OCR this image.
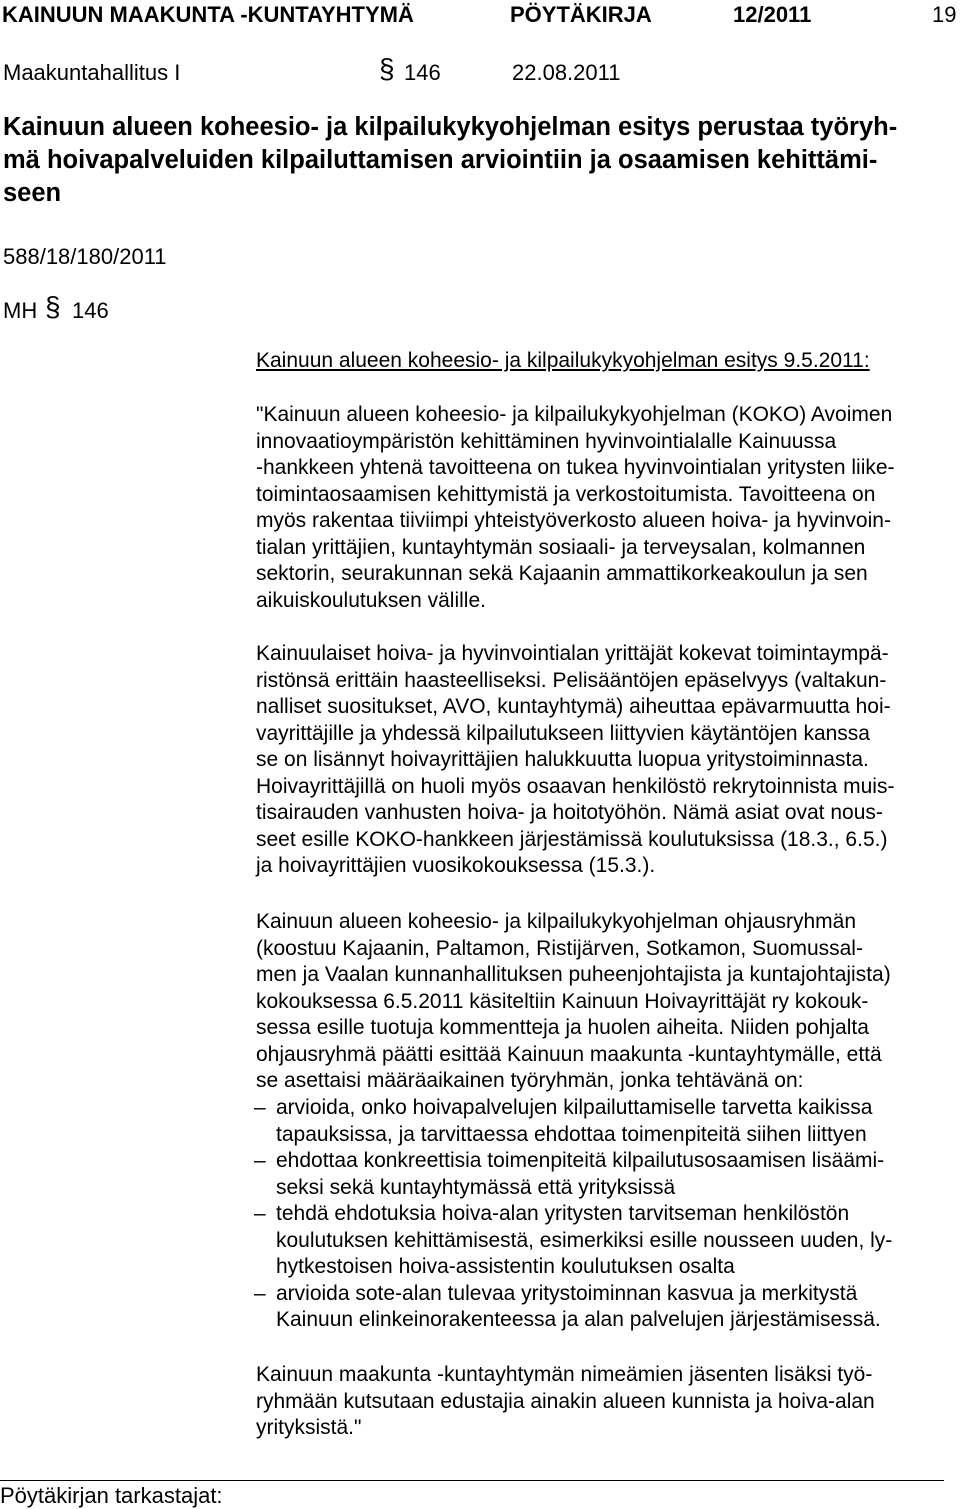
KAINUUN MAAKUNTA -KUNTAYHTYMÄ	PÖYTÄKIRJA	12/2011	19
Maakuntahallitus I	§ 146	22.08.2011
Kainuun alueen koheesio- ja kilpailukykyohjelman esitys perustaa työryh-
mä hoivapalveluiden kilpailuttamisen arviointiin ja osaamisen kehittämi-
seen
588/18/180/2011
MH § 146
Kainuun alueen koheesio- ja kilpailukykyohjelman esitys 9.5.2011:
"Kainuun alueen koheesio- ja kilpailukykyohjelman (KOKO) Avoimen
innovaatioympäristön kehittäminen hyvinvointialalle Kainuussa
-hankkeen yhtenä tavoitteena on tukea hyvinvointialan yritysten liike-
toimintaosaamisen kehittymistä ja verkostoitumista. Tavoitteena on
myös rakentaa tiiviimpi yhteistyöverkosto alueen hoiva- ja hyvinvoin-
tialan yrittäjien, kuntayhtymän sosiaali- ja terveysalan, kolmannen
sektorin, seurakunnan sekä Kajaanin ammattikorkeakoulun ja sen
aikuiskoulutuksen välille.
Kainuulaiset hoiva- ja hyvinvointialan yrittäjät kokevat toimintaympä-
ristönsä erittäin haasteelliseksi. Pelisääntöjen epäselvyys (valtakun-
nalliset suositukset, AVO, kuntayhtymä) aiheuttaa epävarmuutta hoi-
vayrittäjille ja yhdessä kilpailutukseen liittyvien käytäntöjen kanssa
se on lisännyt hoivayrittäjien halukkuutta luopua yritystoiminnasta.
Hoivayrittäjillä on huoli myös osaavan henkilöstö rekrytoinnista muis-
tisairauden vanhusten hoiva- ja hoitotyöhön. Nämä asiat ovat nous-
seet esille KOKO-hankkeen järjestämissä koulutuksissa (18.3., 6.5.)
ja hoivayrittäjien vuosikokouksessa (15.3.).
Kainuun alueen koheesio- ja kilpailukykyohjelman ohjausryhmän
(koostuu Kajaanin, Paltamon, Ristijärven, Sotkamon, Suomussal-
men ja Vaalan kunnanhallituksen puheenjohtajista ja kuntajohtajista)
kokouksessa 6.5.2011 käsiteltiin Kainuun Hoivayrittäjät ry kokouk-
sessa esille tuotuja kommentteja ja huolen aiheita. Niiden pohjalta
ohjausryhmä päätti esittää Kainuun maakunta -kuntayhtymälle, että
se asettaisi määräaikainen työryhmän, jonka tehtävänä on:
– arvioida, onko hoivapalvelujen kilpailuttamiselle tarvetta kaikissa
tapauksissa, ja tarvittaessa ehdottaa toimenpiteitä siihen liittyen
– ehdottaa konkreettisia toimenpiteitä kilpailutusosaamisen lisäämi-
seksi sekä kuntayhtymässä että yrityksissä
– tehdä ehdotuksia hoiva-alan yritysten tarvitseman henkilöstön
koulutuksen kehittämisestä, esimerkiksi esille nousseen uuden, ly-
hytkestoisen hoiva-assistentin koulutuksen osalta
– arvioida sote-alan tulevaa yritystoiminnan kasvua ja merkitystä
Kainuun elinkeinorakenteessa ja alan palvelujen järjestämisessä.
Kainuun maakunta -kuntayhtymän nimeämien jäsenten lisäksi työ-
ryhmään kutsutaan edustajia ainakin alueen kunnista ja hoiva-alan
yrityksistä."
Pöytäkirjan tarkastajat:
